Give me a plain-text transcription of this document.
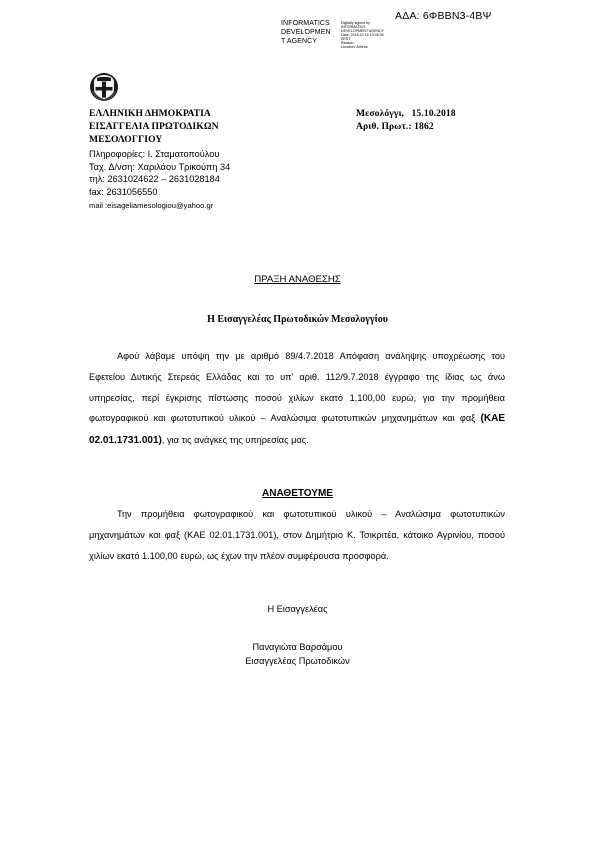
ΑΔΑ: 6ΦΒΒΝ3-4ΒΨ
INFORMATICS
DEVELOPMEN
T AGENCY
Digitally signed by
INFORMATICS
DEVELOPMENT AGENCY
Date: 2018.10.15 10:26:35
EEST
Reason:
Location: Athens
ΕΛΛΗΝΙΚΗ ΔΗΜΟΚΡΑΤΙΑ
ΕΙΣΑΓΓΕΛΙΑ ΠΡΩΤΟΔΙΚΩΝ
ΜΕΣΟΛΟΓΓΙΟΥ
Μεσολόγγι,   15.10.2018
Αριθ. Πρωτ.: 1862
Πληροφορίες: Ι. Σταματοπούλου
Ταχ. Δ/νση: Χαριλάου Τρικούπη 34
τηλ: 2631024622 – 2631028184
fax: 2631056550
mail :eisageliamesologiou@yahoo.gr
ΠΡΑΞΗ ΑΝΑΘΕΣΗΣ
Η Εισαγγελέας Πρωτοδικών Μεσολογγίου
Αφού λάβαμε υπόψη την με αριθμό 89/4.7.2018 Απόφαση ανάληψης υποχρέωσης του Εφετείου Δυτικής Στερεάς Ελλάδας και το υπ’ αριθ. 112/9.7.2018 έγγραφο της ίδιας ως άνω υπηρεσίας, περί έγκρισης πίστωσης ποσού χιλίων εκατό 1.100,00 ευρώ, για την προμήθεια φωτογραφικού και φωτοτυπικού υλικού – Αναλώσιμα φωτοτυπικών μηχανημάτων και φαξ (ΚΑΕ 02.01.1731.001), για τις ανάγκες της υπηρεσίας μας.
ΑΝΑΘΕΤΟΥΜΕ
Την προμήθεια φωτογραφικού και φωτοτυπικού υλικού – Αναλώσιμα φωτοτυπικών μηχανημάτων και φαξ (ΚΑΕ 02.01.1731.001), στον Δημήτριο Κ. Τσικριτέα, κάτοικο Αγρινίου, ποσού χιλίων εκατό 1.100,00 ευρώ, ως έχων την πλέον συμφέρουσα προσφορά.
Η Εισαγγελέας
Παναγιώτα Βαρσάμου
Εισαγγελέας Πρωτοδικών
